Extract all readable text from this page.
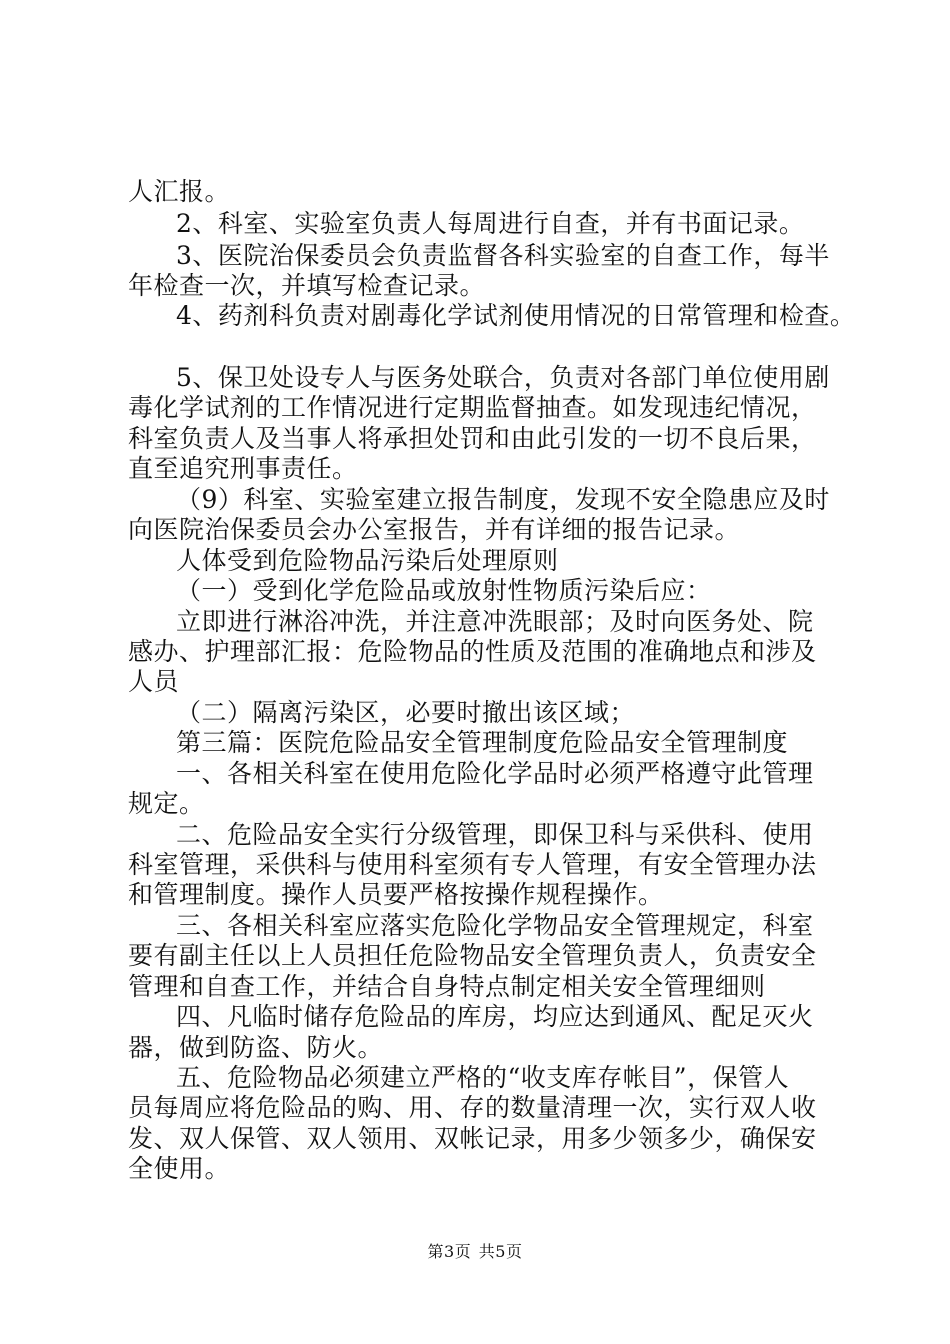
人汇报。
2、科室、实验室负责人每周进行自查，并有书面记录。
3、医院治保委员会负责监督各科实验室的自查工作，每半
年检查一次，并填写检查记录。
4、药剂科负责对剧毒化学试剂使用情况的日常管理和检查。
5、保卫处设专人与医务处联合，负责对各部门单位使用剧
毒化学试剂的工作情况进行定期监督抽查。如发现违纪情况，
科室负责人及当事人将承担处罚和由此引发的一切不良后果，
直至追究刑事责任。
（9）科室、实验室建立报告制度，发现不安全隐患应及时
向医院治保委员会办公室报告，并有详细的报告记录。
人体受到危险物品污染后处理原则
（一）受到化学危险品或放射性物质污染后应：
立即进行淋浴冲洗，并注意冲洗眼部；及时向医务处、院
感办、护理部汇报：危险物品的性质及范围的准确地点和涉及
人员
（二）隔离污染区，必要时撤出该区域；
第三篇：医院危险品安全管理制度危险品安全管理制度
一、各相关科室在使用危险化学品时必须严格遵守此管理
规定。
二、危险品安全实行分级管理，即保卫科与采供科、使用
科室管理，采供科与使用科室须有专人管理，有安全管理办法
和管理制度。操作人员要严格按操作规程操作。
三、各相关科室应落实危险化学物品安全管理规定，科室
要有副主任以上人员担任危险物品安全管理负责人，负责安全
管理和自查工作，并结合自身特点制定相关安全管理细则
四、凡临时储存危险品的库房，均应达到通风、配足灭火
器，做到防盗、防火。
五、危险物品必须建立严格的“收支库存帐目”，保管人
员每周应将危险品的购、用、存的数量清理一次，实行双人收
发、双人保管、双人领用、双帐记录，用多少领多少，确保安
全使用。
第3页 共5页
